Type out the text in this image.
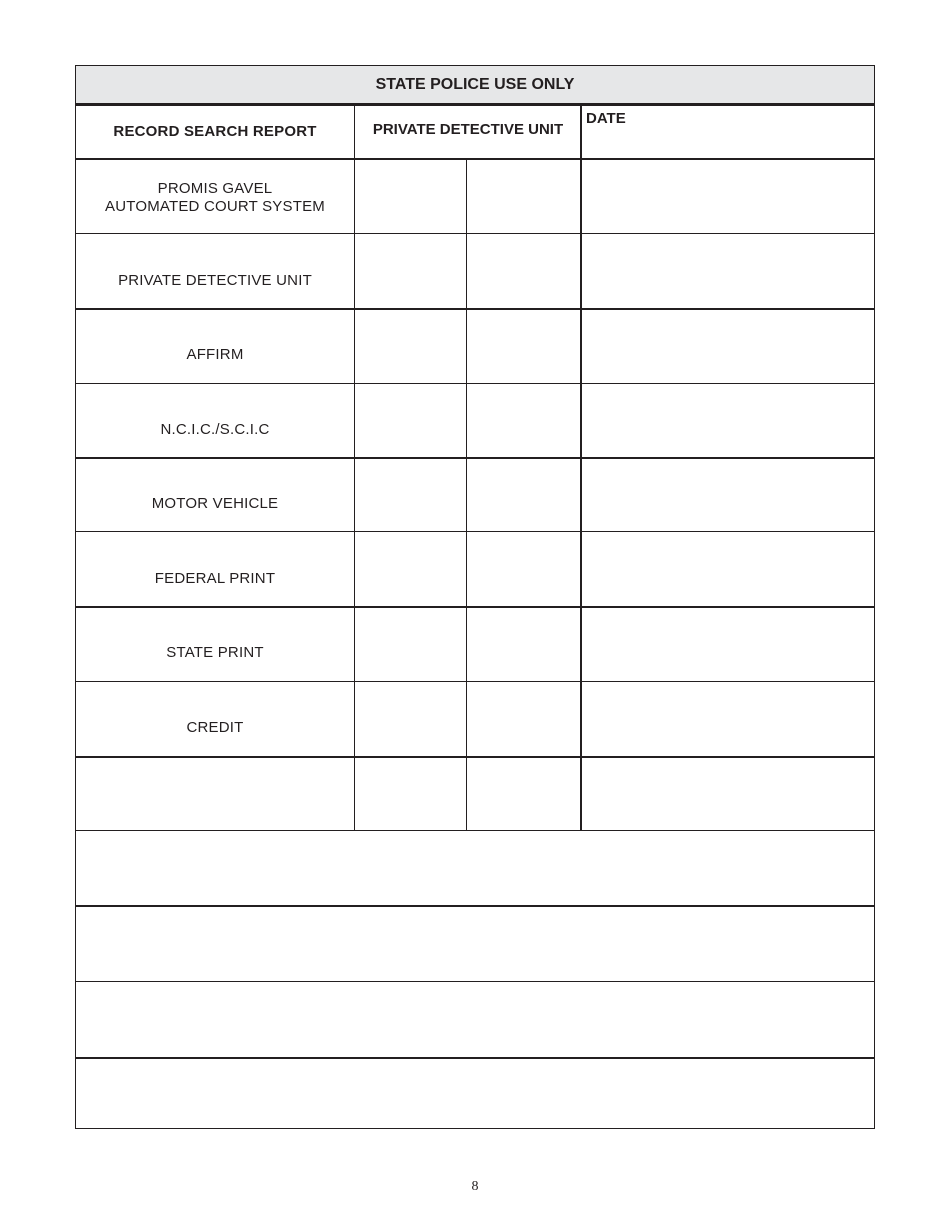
STATE POLICE USE ONLY
RECORD SEARCH REPORT	PRIVATE DETECTIVE UNIT
DATE
PROMIS GAVEL
AUTOMATED COURT SYSTEM
PRIVATE DETECTIVE UNIT
AFFIRM
N.C.I.C./S.C.I.C
MOTOR VEHICLE
FEDERAL PRINT
STATE PRINT
CREDIT
8
